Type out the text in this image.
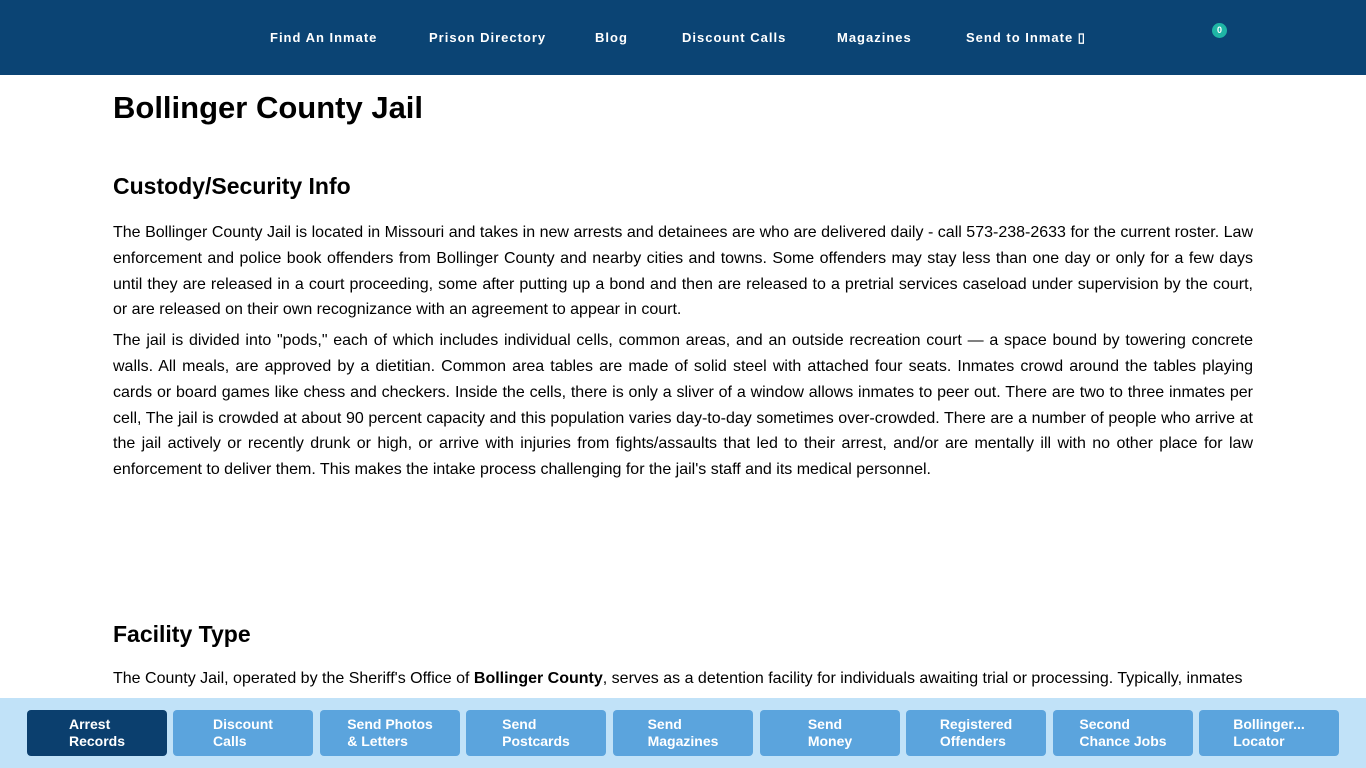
Find An Inmate	Prison Directory	Blog	Discount Calls	Magazines	Send to Inmate ▯	0
Bollinger County Jail
Custody/Security Info

The Bollinger County Jail is located in Missouri and takes in new arrests and detainees are who are delivered daily - call 573-238-2633 for the current roster. Law enforcement and police book offenders from Bollinger County and nearby cities and towns. Some offenders may stay less than one day or only for a few days until they are released in a court proceeding, some after putting up a bond and then are released to a pretrial services caseload under supervision by the court, or are released on their own recognizance with an agreement to appear in court.

The jail is divided into "pods," each of which includes individual cells, common areas, and an outside recreation court — a space bound by towering concrete walls. All meals, are approved by a dietitian. Common area tables are made of solid steel with attached four seats. Inmates crowd around the tables playing cards or board games like chess and checkers. Inside the cells, there is only a sliver of a window allows inmates to peer out. There are two to three inmates per cell, The jail is crowded at about 90 percent capacity and this population varies day-to-day sometimes over-crowded. There are a number of people who arrive at the jail actively or recently drunk or high, or arrive with injuries from fights/assaults that led to their arrest, and/or are mentally ill with no other place for law enforcement to deliver them. This makes the intake process challenging for the jail's staff and its medical personnel.

Facility Type

The County Jail, operated by the Sheriff's Office of Bollinger County, serves as a detention facility for individuals awaiting trial or processing. Typically, inmates

Arrest
Records
Discount
Calls
Send Photos
& Letters
Send
Postcards
Send
Magazines
Send
Money
Registered
Offenders
Second
Chance Jobs
Bollinger...
Locator
